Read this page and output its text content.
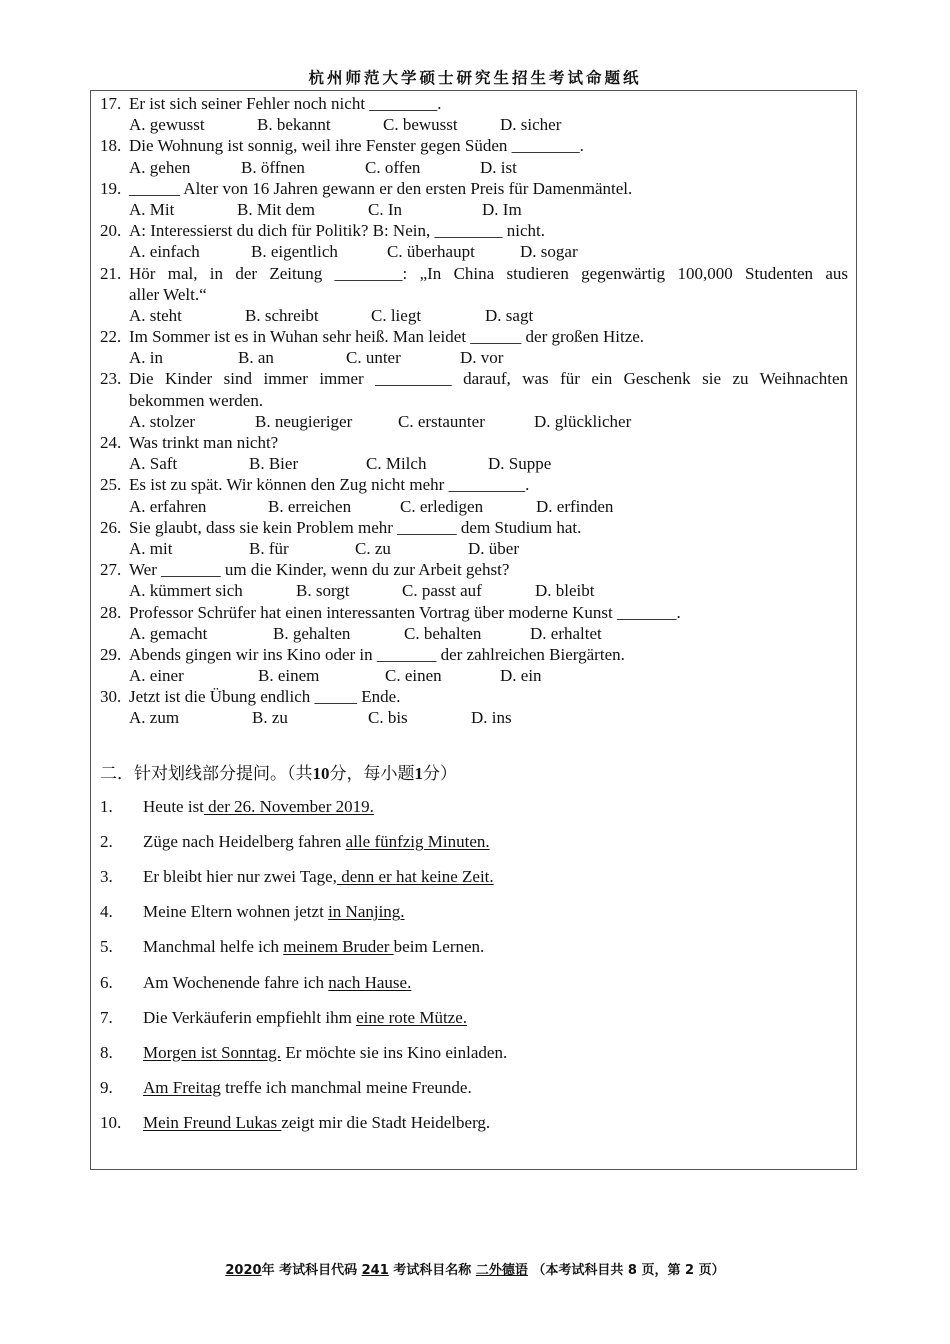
杭州师范大学硕士研究生招生考试命题纸
17. Er ist sich seiner Fehler noch nicht ________.
A. gewusst	B. bekannt	C. bewusst D. sicher
18. Die Wohnung ist sonnig, weil ihre Fenster gegen Süden ________.
A. gehen	B. öffnen	C. offen	D. ist
19. ______ Alter von 16 Jahren gewann er den ersten Preis für Damenmäntel.
A. Mit	B. Mit dem	C. In	D. Im
20. A: Interessierst du dich für Politik? B: Nein, ________ nicht.
A. einfach	B. eigentlich	C. überhaupt	D. sogar
21. Hör mal, in der Zeitung ________: „In China studieren gegenwärtig 100,000 Studenten aus
aller Welt.“
A. steht	B. schreibt	C. liegt	D. sagt
22. Im Sommer ist es in Wuhan sehr heiß. Man leidet ______ der großen Hitze.
A. in	B. an	C. unter	D. vor
23. Die Kinder sind immer immer _________ darauf, was für ein Geschenk sie zu Weihnachten
bekommen werden.
A. stolzer	B. neugieriger	C. erstaunter	D. glücklicher
24. Was trinkt man nicht?
A. Saft	B. Bier	C. Milch	D. Suppe
25. Es ist zu spät. Wir können den Zug nicht mehr _________.
A. erfahren	B. erreichen	C. erledigen	D. erfinden
26. Sie glaubt, dass sie kein Problem mehr _______ dem Studium hat.
A. mit	B. für	C. zu	D. über
27. Wer _______ um die Kinder, wenn du zur Arbeit gehst?
A. kümmert sich	B. sorgt	C. passt auf	D. bleibt
28. Professor Schrüfer hat einen interessanten Vortrag über moderne Kunst _______.
A. gemacht	B. gehalten	C. behalten	D. erhaltet
29. Abends gingen wir ins Kino oder in _______ der zahlreichen Biergärten.
A. einer	B. einem	C. einen	D. ein
30. Jetzt ist die Übung endlich _____ Ende.
A. zum	B. zu	C. bis	D. ins
二．针对划线部分提问。（共10分，每小题1分）
1. Heute ist der 26. November 2019.
2. Züge nach Heidelberg fahren alle fünfzig Minuten.
3. Er bleibt hier nur zwei Tage, denn er hat keine Zeit.
4. Meine Eltern wohnen jetzt in Nanjing.
5. Manchmal helfe ich meinem Bruder beim Lernen.
6. Am Wochenende fahre ich nach Hause.
7. Die Verkäuferin empfiehlt ihm eine rote Mütze.
8. Morgen ist Sonntag. Er möchte sie ins Kino einladen.
9. Am Freitag treffe ich manchmal meine Freunde.
10. Mein Freund Lukas zeigt mir die Stadt Heidelberg.
2020年 考试科目代码 241 考试科目名称 二外德语 （本考试科目共 8 页，第 2 页）
